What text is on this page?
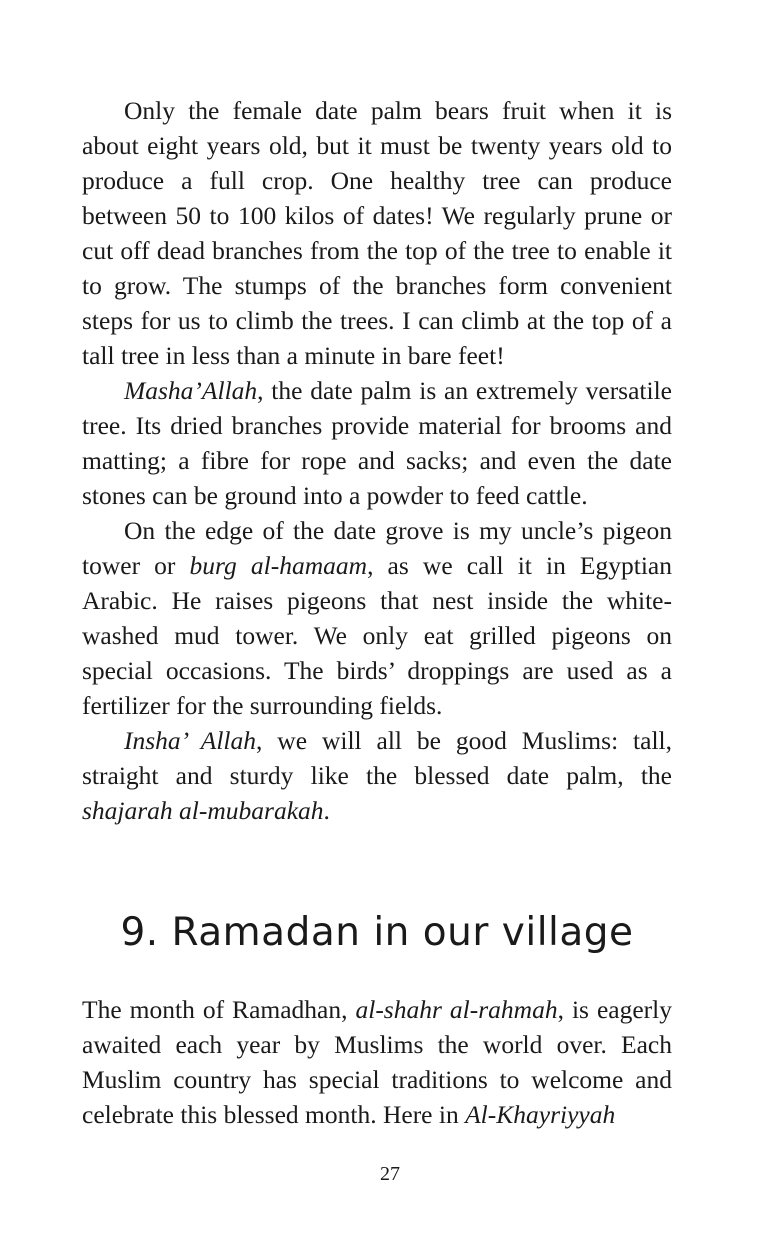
Only the female date palm bears fruit when it is about eight years old, but it must be twenty years old to produce a full crop. One healthy tree can produce between 50 to 100 kilos of dates! We regularly prune or cut off dead branches from the top of the tree to enable it to grow. The stumps of the branches form convenient steps for us to climb the trees. I can climb at the top of a tall tree in less than a minute in bare feet!

Masha’Allah, the date palm is an extremely versatile tree. Its dried branches provide material for brooms and matting; a fibre for rope and sacks; and even the date stones can be ground into a powder to feed cattle.

On the edge of the date grove is my uncle’s pigeon tower or burg al-hamaam, as we call it in Egyptian Arabic. He raises pigeons that nest inside the white-washed mud tower. We only eat grilled pigeons on special occasions. The birds’ droppings are used as a fertilizer for the surrounding fields.

Insha’ Allah, we will all be good Muslims: tall, straight and sturdy like the blessed date palm, the shajarah al-mubarakah.

9. Ramadan in our village

The month of Ramadhan, al-shahr al-rahmah, is eagerly awaited each year by Muslims the world over. Each Muslim country has special traditions to welcome and celebrate this blessed month. Here in Al-Khayriyyah

27
